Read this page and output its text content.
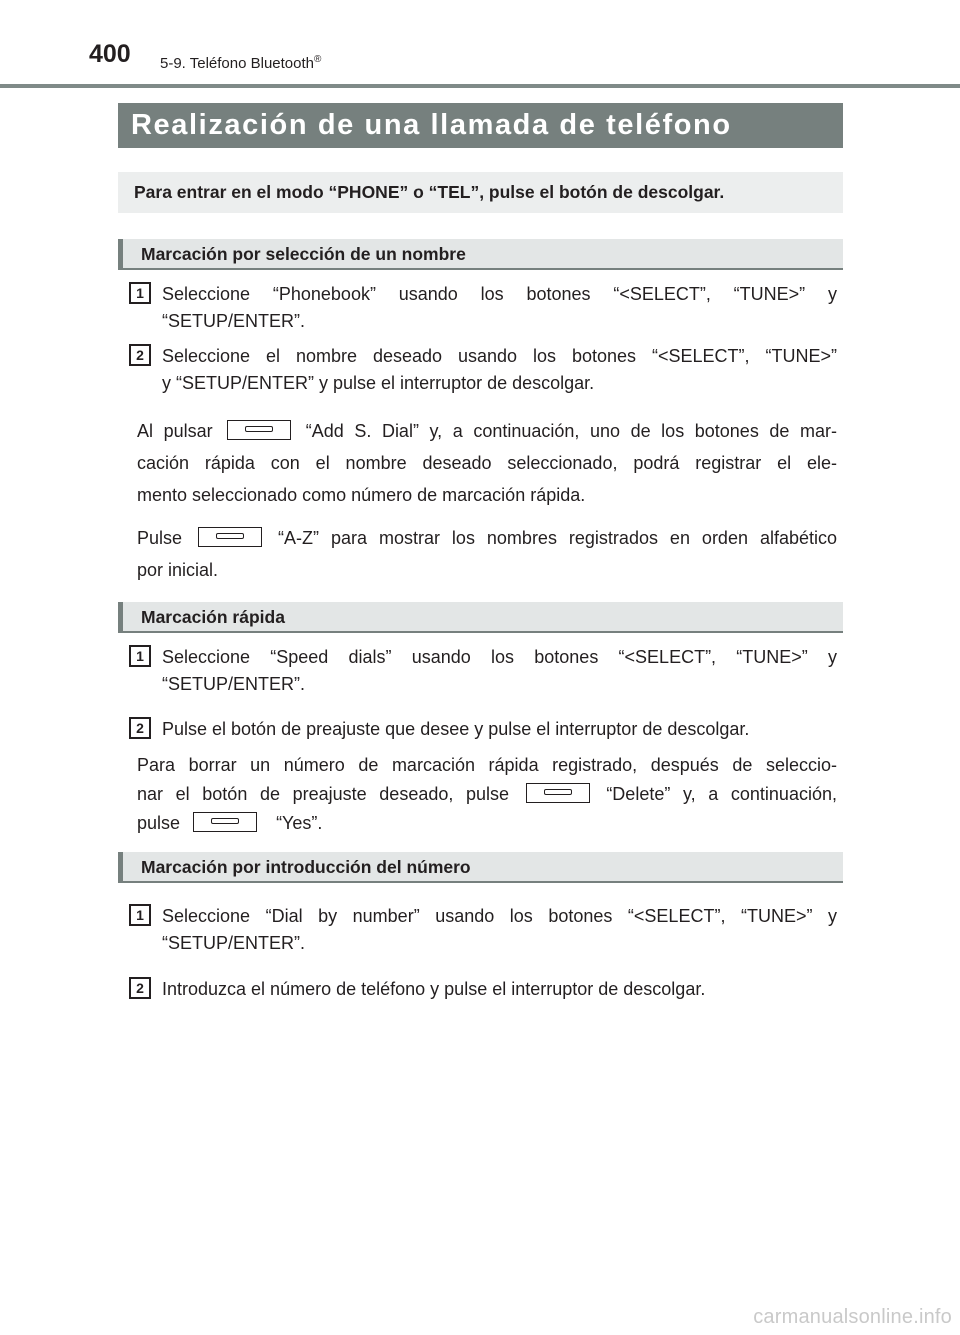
400 5-9. Teléfono Bluetooth®
Realización de una llamada de teléfono
Para entrar en el modo “PHONE” o “TEL”, pulse el botón de descolgar.
Marcación por selección de un nombre
1	Seleccione “Phonebook” usando los botones “<SELECT”, “TUNE>” y
“SETUP/ENTER”.
2	Seleccione el nombre deseado usando los botones “<SELECT”, “TUNE>”
y “SETUP/ENTER” y pulse el interruptor de descolgar.
Al pulsar	“Add S. Dial” y, a continuación, uno de los botones de mar-
cación rápida con el nombre deseado seleccionado, podrá registrar el ele-
mento seleccionado como número de marcación rápida.
Pulse	“A-Z” para mostrar los nombres registrados en orden alfabético
por inicial.
Marcación rápida
1	Seleccione “Speed dials” usando los botones “<SELECT”, “TUNE>” y
“SETUP/ENTER”.
2	Pulse el botón de preajuste que desee y pulse el interruptor de descolgar.
Para borrar un número de marcación rápida registrado, después de seleccio-
nar el botón de preajuste deseado, pulse	“Delete” y, a continuación,
pulse	“Yes”.
Marcación por introducción del número
1	Seleccione “Dial by number” usando los botones “<SELECT”, “TUNE>” y
“SETUP/ENTER”.
2	Introduzca el número de teléfono y pulse el interruptor de descolgar.
carmanualsonline.info
